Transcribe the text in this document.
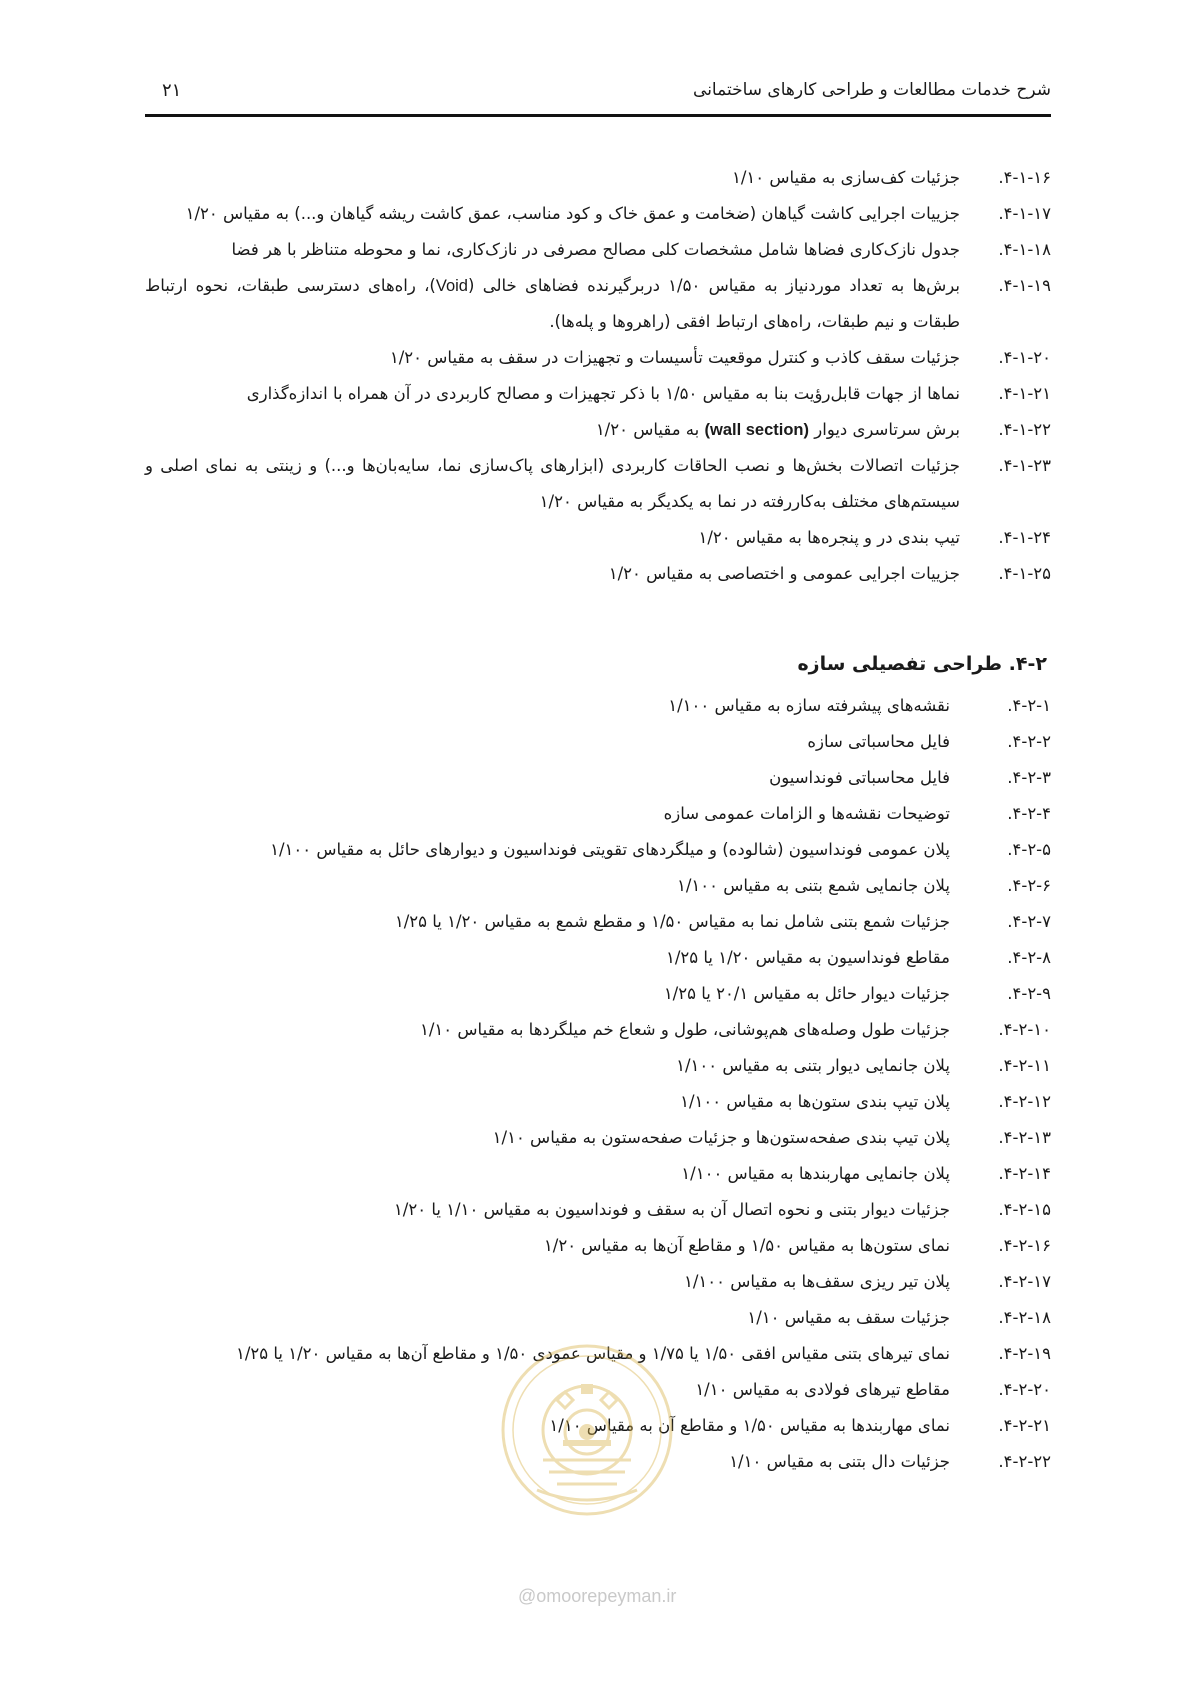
شرح خدمات مطالعات و طراحی کارهای ساختمانی
۲۱
۴-۱-۱۶.
جزئیات کف‌سازی به مقیاس ۱/۱۰
۴-۱-۱۷.
جزییات اجرایی کاشت گیاهان (ضخامت و عمق خاک و کود مناسب، عمق کاشت ریشه گیاهان و...) به مقیاس ۱/۲۰
۴-۱-۱۸.
جدول نازک‌کاری فضاها شامل مشخصات کلی مصالح مصرفی در نازک‌کاری، نما و محوطه متناظر با هر فضا
۴-۱-۱۹.
برش‌ها به تعداد موردنیاز به مقیاس ۱/۵۰ دربرگیرنده فضاهای خالی (Void)، راه‌های دسترسی طبقات، نحوه ارتباط طبقات و نیم طبقات، راه‌های ارتباط افقی (راهروها و پله‌ها).
۴-۱-۲۰.
جزئیات سقف کاذب و کنترل موقعیت تأسیسات و تجهیزات در سقف به مقیاس ۱/۲۰
۴-۱-۲۱.
نماها از جهات قابل‌رؤیت بنا به مقیاس ۱/۵۰ با ذکر تجهیزات و مصالح کاربردی در آن همراه با اندازه‌گذاری
۴-۱-۲۲.
برش سرتاسری دیوار (wall section) به مقیاس ۱/۲۰
۴-۱-۲۳.
جزئیات اتصالات بخش‌ها و نصب الحاقات کاربردی (ابزارهای پاک‌سازی نما، سایه‌بان‌ها و...) و زینتی به نمای اصلی و سیستم‌های مختلف به‌کاررفته در نما به یکدیگر به مقیاس ۱/۲۰
۴-۱-۲۴.
تیپ بندی در و پنجره‌ها به مقیاس ۱/۲۰
۴-۱-۲۵.
جزییات اجرایی عمومی و اختصاصی به مقیاس ۱/۲۰
۴-۲. طراحی تفصیلی سازه
۴-۲-۱.
نقشه‌های پیشرفته سازه به مقیاس ۱/۱۰۰
۴-۲-۲.
فایل محاسباتی سازه
۴-۲-۳.
فایل محاسباتی فونداسیون
۴-۲-۴.
توضیحات نقشه‌ها و الزامات عمومی سازه
۴-۲-۵.
پلان عمومی فونداسیون (شالوده) و میلگردهای تقویتی فونداسیون و دیوارهای حائل به مقیاس ۱/۱۰۰
۴-۲-۶.
پلان جانمایی شمع بتنی به مقیاس ۱/۱۰۰
۴-۲-۷.
جزئیات شمع بتنی شامل نما به مقیاس ۱/۵۰ و مقطع شمع به مقیاس ۱/۲۰ یا ۱/۲۵
۴-۲-۸.
مقاطع فونداسیون به مقیاس ۱/۲۰ یا ۱/۲۵
۴-۲-۹.
جزئیات دیوار حائل به مقیاس ۲۰/۱ یا ۱/۲۵
۴-۲-۱۰.
جزئیات طول وصله‌های هم‌پوشانی، طول و شعاع خم میلگردها به مقیاس ۱/۱۰
۴-۲-۱۱.
پلان جانمایی دیوار بتنی به مقیاس ۱/۱۰۰
۴-۲-۱۲.
پلان تیپ بندی ستون‌ها به مقیاس ۱/۱۰۰
۴-۲-۱۳.
پلان تیپ بندی صفحه‌ستون‌ها و جزئیات صفحه‌ستون به مقیاس ۱/۱۰
۴-۲-۱۴.
پلان جانمایی مهاربندها به مقیاس ۱/۱۰۰
۴-۲-۱۵.
جزئیات دیوار بتنی و نحوه اتصال آن به سقف و فونداسیون به مقیاس ۱/۱۰ یا ۱/۲۰
۴-۲-۱۶.
نمای ستون‌ها به مقیاس ۱/۵۰ و مقاطع آن‌ها به مقیاس ۱/۲۰
۴-۲-۱۷.
پلان تیر ریزی سقف‌ها به مقیاس ۱/۱۰۰
۴-۲-۱۸.
جزئیات سقف به مقیاس ۱/۱۰
۴-۲-۱۹.
نمای تیرهای بتنی مقیاس افقی ۱/۵۰ یا ۱/۷۵ و مقیاس عمودی ۱/۵۰ و مقاطع آن‌ها به مقیاس ۱/۲۰ یا ۱/۲۵
۴-۲-۲۰.
مقاطع تیرهای فولادی به مقیاس ۱/۱۰
۴-۲-۲۱.
نمای مهاربندها به مقیاس ۱/۵۰ و مقاطع آن به مقیاس ۱/۱۰
۴-۲-۲۲.
جزئیات دال بتنی به مقیاس ۱/۱۰
@omoorepeyman.ir
